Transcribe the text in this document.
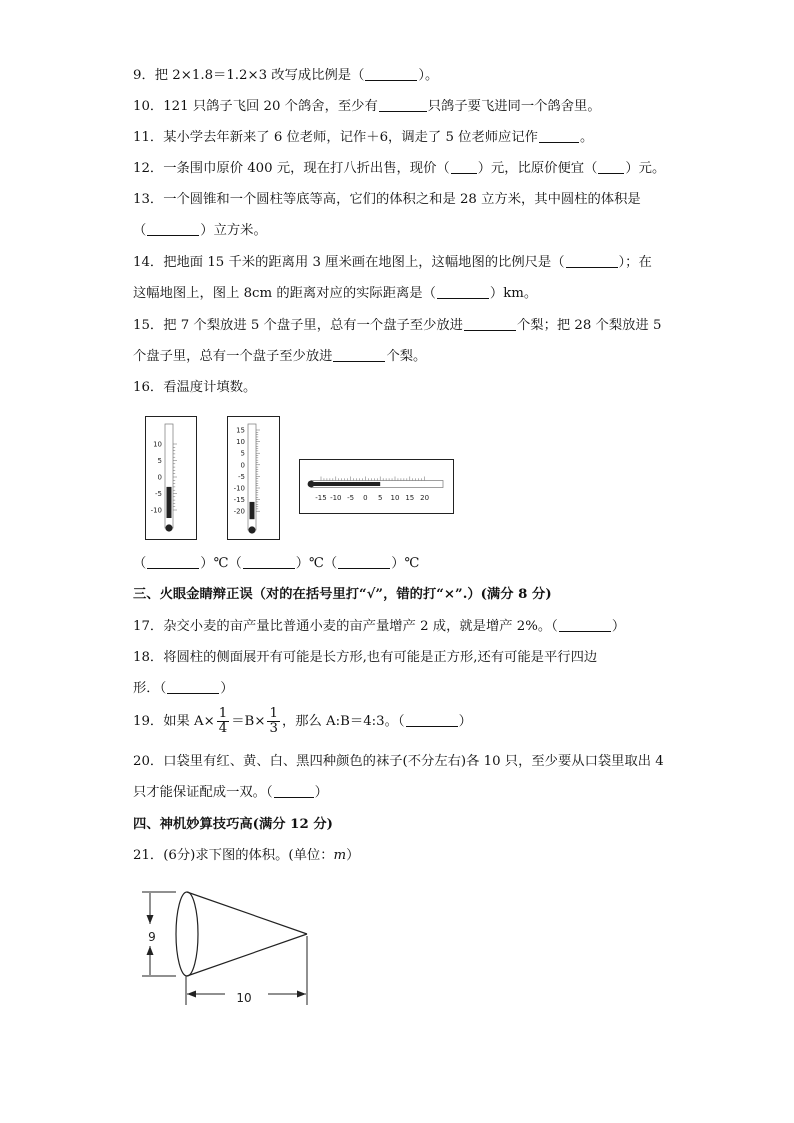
9．把 2×1.8＝1.2×3 改写成比例是（	）。
10．121 只鸽子飞回 20 个鸽舍，至少有	只鸽子要飞进同一个鸽舍里。
11．某小学去年新来了 6 位老师，记作＋6，调走了 5 位老师应记作	。
12．一条围巾原价 400 元，现在打八折出售，现价（ ）元，比原价便宜（ ）元。
13．一个圆锥和一个圆柱等底等高，它们的体积之和是 28 立方米，其中圆柱的体积是
（	）立方米。
14．把地面 15 千米的距离用 3 厘米画在地图上，这幅地图的比例尺是（	）；在
这幅地图上，图上 8cm 的距离对应的实际距离是（	）km。
15．把 7 个梨放进 5 个盘子里，总有一个盘子至少放进	个梨；把 28 个梨放进 5
个盘子里，总有一个盘子至少放进	个梨。
16．看温度计填数。
10
5
0
-5
-10
15
10
5
0
-5
-10
-15
-20
-15 -10 -5 0 5 10 15 20
（	）℃（	）℃（	）℃
三、火眼金睛辩正误（对的在括号里打“√”，错的打“×”.）(满分 8 分)
17．杂交小麦的亩产量比普通小麦的亩产量增产 2 成，就是增产 2%。（	）
18．将圆柱的侧面展开有可能是长方形,也有可能是正方形,还有可能是平行四边
形．（	）
19．如果 $A\times \frac{1}{4} =B\times \frac{1}{3}$ ，那么 A:B＝4:3。（	）
20．口袋里有红、黄、白、黑四种颜色的袜子(不分左右)各 10 只，至少要从口袋里取出 4
只才能保证配成一双。（	）
四、神机妙算技巧高(满分 12 分)
21．(6分)求下图的体积。(单位：m）
9
10
